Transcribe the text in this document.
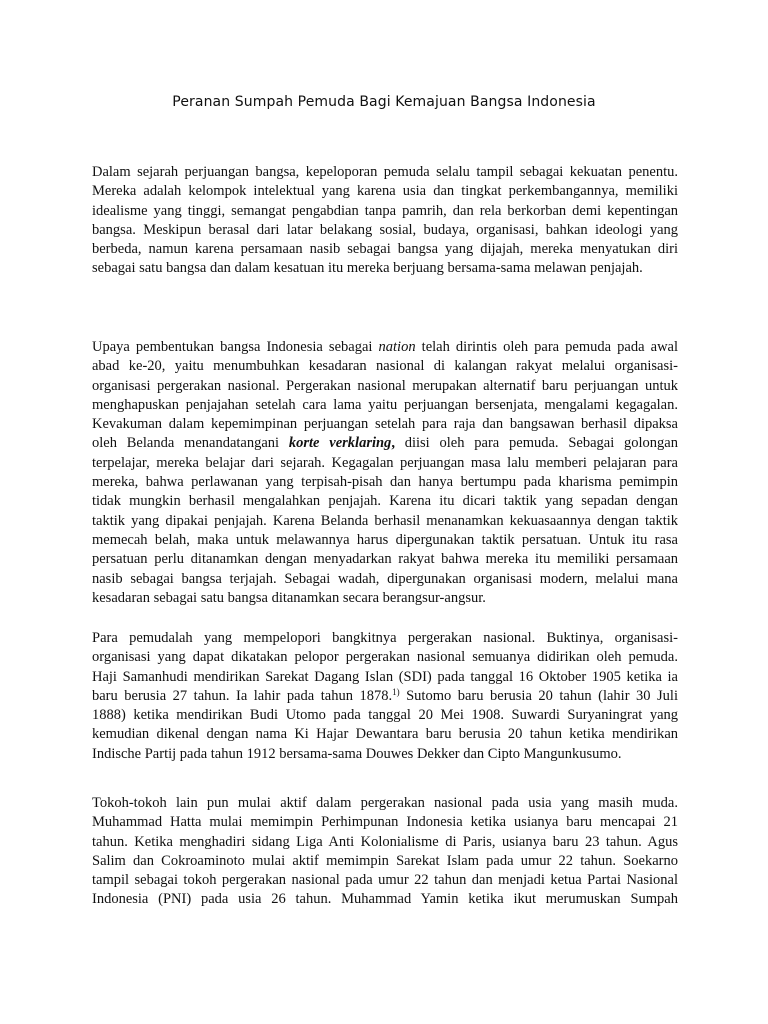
Peranan Sumpah Pemuda Bagi Kemajuan Bangsa Indonesia
Dalam sejarah perjuangan bangsa, kepeloporan pemuda selalu tampil sebagai kekuatan penentu.
Mereka adalah kelompok intelektual yang karena usia dan tingkat perkembangannya, memiliki
idealisme yang tinggi, semangat pengabdian tanpa pamrih, dan rela berkorban demi kepentingan
bangsa. Meskipun berasal dari latar belakang sosial, budaya, organisasi, bahkan ideologi yang
berbeda, namun karena persamaan nasib sebagai bangsa yang dijajah, mereka menyatukan diri
sebagai satu bangsa dan dalam kesatuan itu mereka berjuang bersama-sama melawan penjajah.
Upaya pembentukan bangsa Indonesia sebagai nation telah dirintis oleh para pemuda pada awal
abad ke-20, yaitu menumbuhkan kesadaran nasional di kalangan rakyat melalui organisasi-
organisasi pergerakan nasional. Pergerakan nasional merupakan alternatif baru perjuangan untuk
menghapuskan penjajahan setelah cara lama yaitu perjuangan bersenjata, mengalami kegagalan.
Kevakuman dalam kepemimpinan perjuangan setelah para raja dan bangsawan berhasil dipaksa
oleh Belanda menandatangani korte verklaring, diisi oleh para pemuda. Sebagai golongan
terpelajar, mereka belajar dari sejarah. Kegagalan perjuangan masa lalu memberi pelajaran para
mereka, bahwa perlawanan yang terpisah-pisah dan hanya bertumpu pada kharisma pemimpin
tidak mungkin berhasil mengalahkan penjajah. Karena itu dicari taktik yang sepadan dengan
taktik yang dipakai penjajah. Karena Belanda berhasil menanamkan kekuasaannya dengan taktik
memecah belah, maka untuk melawannya harus dipergunakan taktik persatuan. Untuk itu rasa
persatuan perlu ditanamkan dengan menyadarkan rakyat bahwa mereka itu memiliki persamaan
nasib sebagai bangsa terjajah. Sebagai wadah, dipergunakan organisasi modern, melalui mana
kesadaran sebagai satu bangsa ditanamkan secara berangsur-angsur.
Para pemudalah yang mempelopori bangkitnya pergerakan nasional. Buktinya, organisasi-
organisasi yang dapat dikatakan pelopor pergerakan nasional semuanya didirikan oleh pemuda.
Haji Samanhudi mendirikan Sarekat Dagang Islan (SDI) pada tanggal 16 Oktober 1905 ketika ia
baru berusia 27 tahun. Ia lahir pada tahun 1878.$^{1)}$ Sutomo baru berusia 20 tahun (lahir 30 Juli
1888) ketika mendirikan Budi Utomo pada tanggal 20 Mei 1908. Suwardi Suryaningrat yang
kemudian dikenal dengan nama Ki Hajar Dewantara baru berusia 20 tahun ketika mendirikan
Indische Partij pada tahun 1912 bersama-sama Douwes Dekker dan Cipto Mangunkusumo.
Tokoh-tokoh lain pun mulai aktif dalam pergerakan nasional pada usia yang masih muda.
Muhammad Hatta mulai memimpin Perhimpunan Indonesia ketika usianya baru mencapai 21
tahun. Ketika menghadiri sidang Liga Anti Kolonialisme di Paris, usianya baru 23 tahun. Agus
Salim dan Cokroaminoto mulai aktif memimpin Sarekat Islam pada umur 22 tahun. Soekarno
tampil sebagai tokoh pergerakan nasional pada umur 22 tahun dan menjadi ketua Partai Nasional
Indonesia (PNI) pada usia 26 tahun. Muhammad Yamin ketika ikut merumuskan Sumpah
